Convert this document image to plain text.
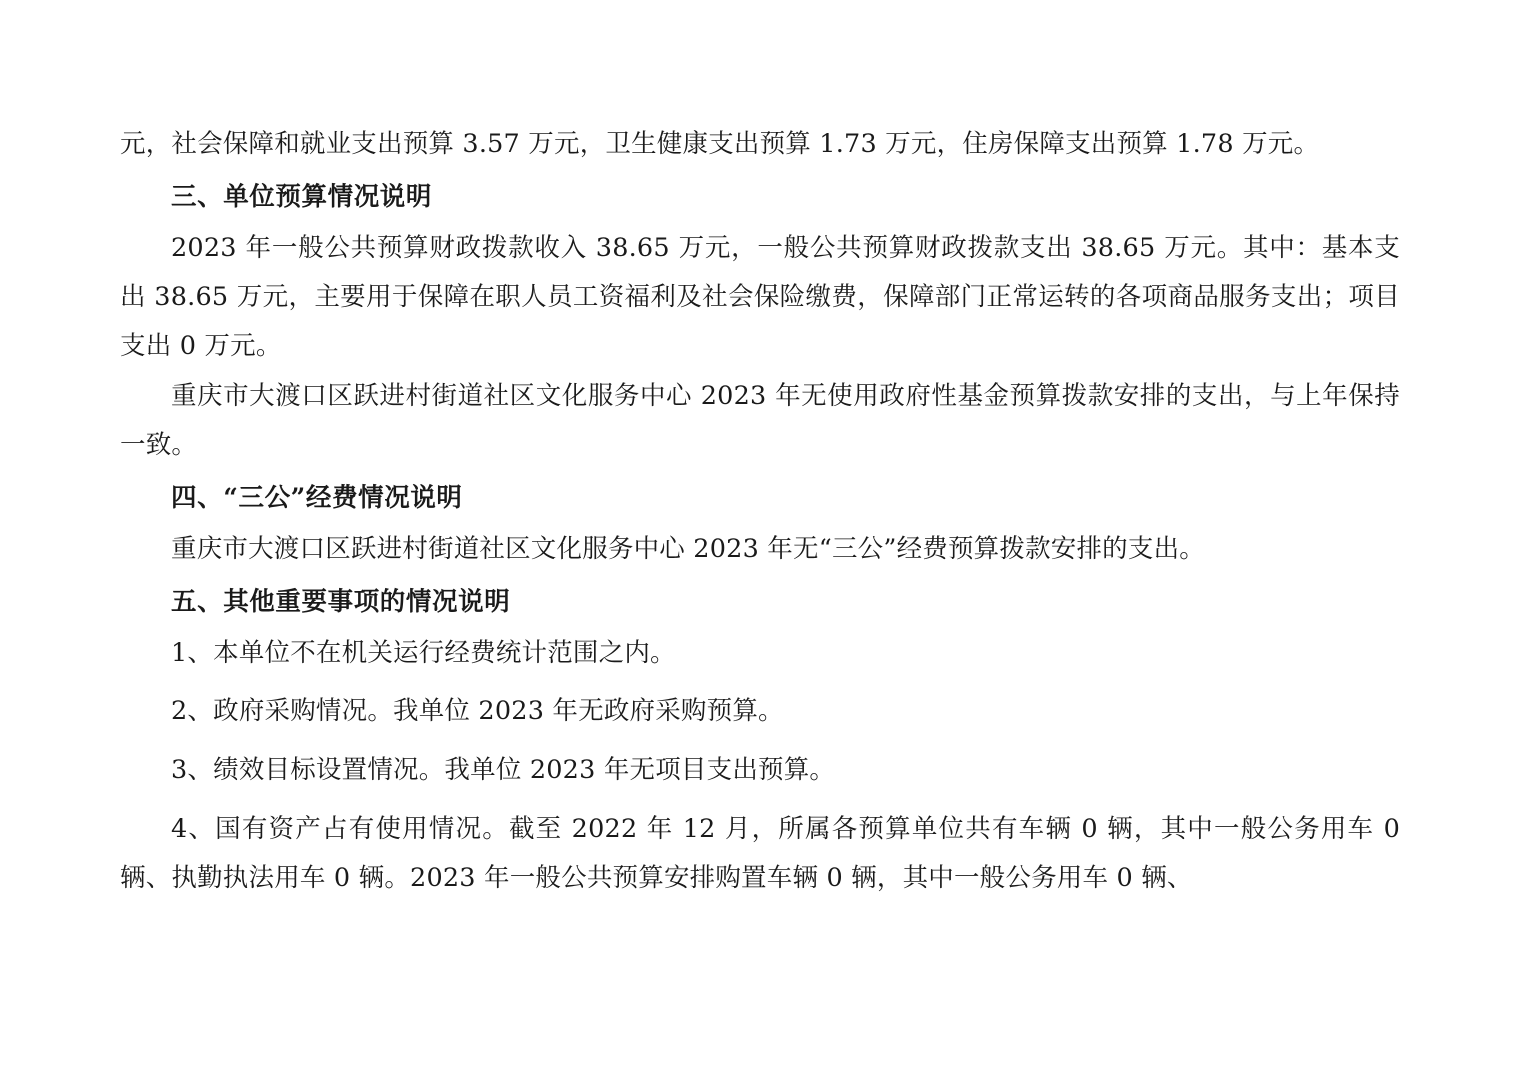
元，社会保障和就业支出预算 3.57 万元，卫生健康支出预算 1.73 万元，住房保障支出预算 1.78 万元。

三、单位预算情况说明

2023 年一般公共预算财政拨款收入 38.65 万元，一般公共预算财政拨款支出 38.65 万元。其中：基本支出 38.65 万元，主要用于保障在职人员工资福利及社会保险缴费，保障部门正常运转的各项商品服务支出；项目支出 0 万元。

重庆市大渡口区跃进村街道社区文化服务中心 2023 年无使用政府性基金预算拨款安排的支出，与上年保持一致。

四、“三公”经费情况说明

重庆市大渡口区跃进村街道社区文化服务中心 2023 年无“三公”经费预算拨款安排的支出。

五、其他重要事项的情况说明

1、本单位不在机关运行经费统计范围之内。

2、政府采购情况。我单位 2023 年无政府采购预算。

3、绩效目标设置情况。我单位 2023 年无项目支出预算。

4、国有资产占有使用情况。截至 2022 年 12 月，所属各预算单位共有车辆 0 辆，其中一般公务用车 0 辆、执勤执法用车 0 辆。2023 年一般公共预算安排购置车辆 0 辆，其中一般公务用车 0 辆、
